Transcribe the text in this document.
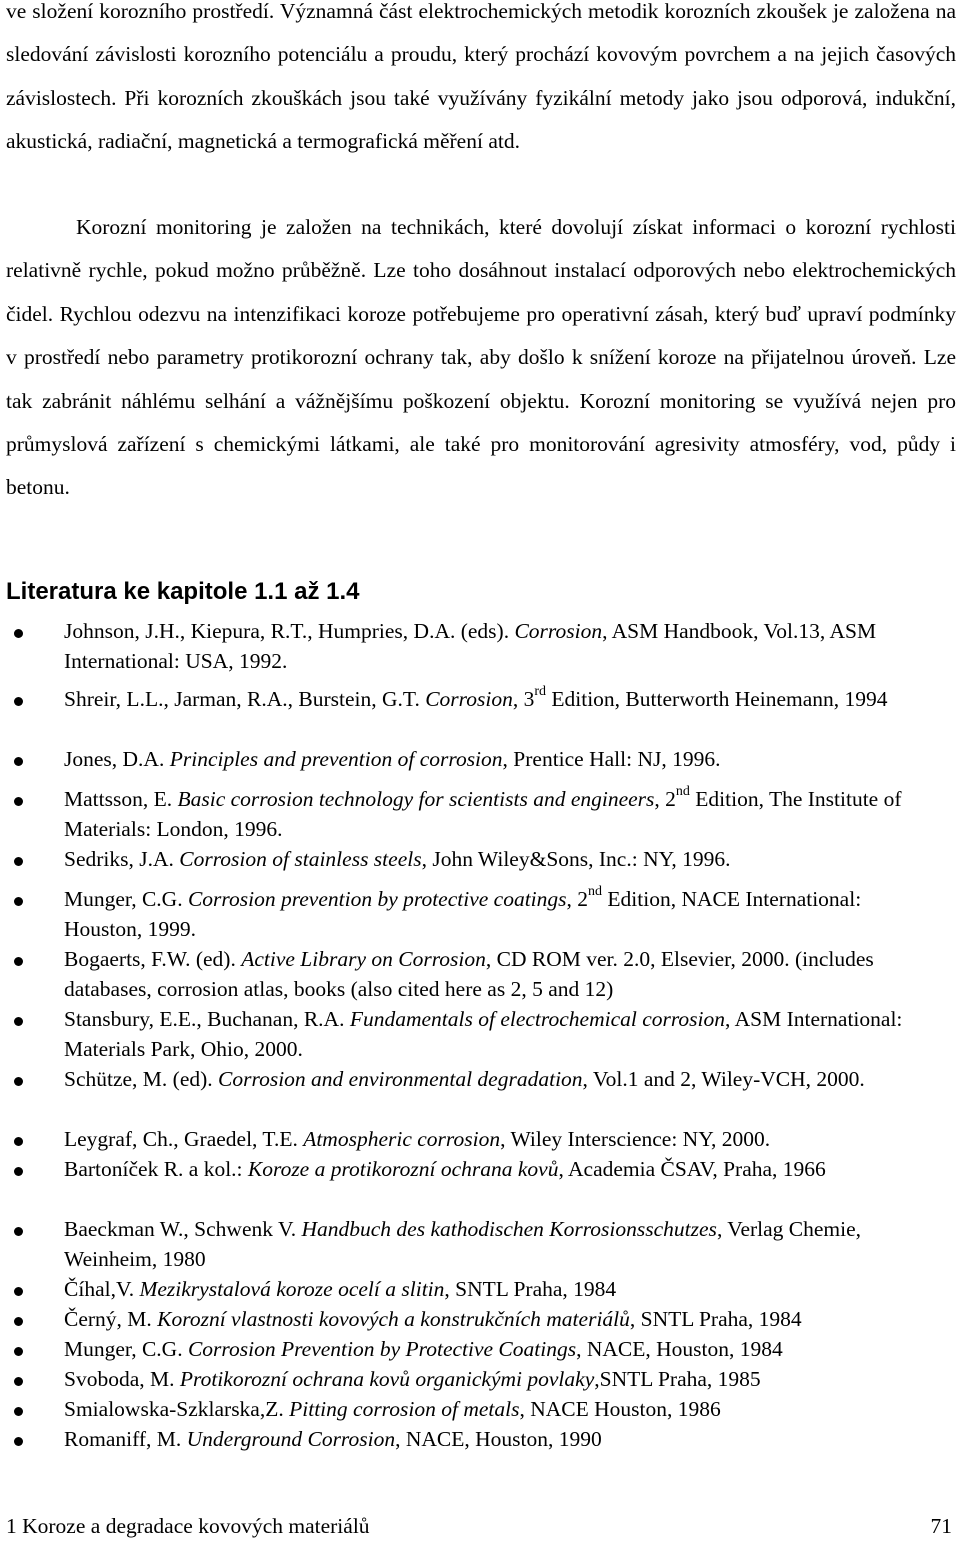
ve složení korozního prostředí. Významná část elektrochemických metodik korozních zkoušek je založena na sledování závislosti korozního potenciálu a proudu, který prochází kovovým povrchem a na jejich časových závislostech. Při korozních zkouškách jsou také využívány fyzikální metody jako jsou odporová, indukční, akustická, radiační, magnetická a termografická měření atd.

Korozní monitoring je založen na technikách, které dovolují získat informaci o korozní rychlosti relativně rychle, pokud možno průběžně. Lze toho dosáhnout instalací odporových nebo elektrochemických čidel. Rychlou odezvu na intenzifikaci koroze potřebujeme pro operativní zásah, který buď upraví podmínky v prostředí nebo parametry protikorozní ochrany tak, aby došlo k snížení koroze na přijatelnou úroveň. Lze tak zabránit náhlému selhání a vážnějšímu poškození objektu. Korozní monitoring se využívá nejen pro průmyslová zařízení s chemickými látkami, ale také pro monitorování agresivity atmosféry, vod, půdy i betonu.

Literatura ke kapitole 1.1 až 1.4
Johnson, J.H., Kiepura, R.T., Humpries, D.A. (eds). Corrosion, ASM Handbook, Vol.13, ASM International: USA, 1992.
Shreir, L.L., Jarman, R.A., Burstein, G.T. Corrosion, 3rd Edition, Butterworth Heinemann, 1994
Jones, D.A. Principles and prevention of corrosion, Prentice Hall: NJ, 1996.
Mattsson, E. Basic corrosion technology for scientists and engineers, 2nd Edition, The Institute of Materials: London, 1996.
Sedriks, J.A. Corrosion of stainless steels, John Wiley&Sons, Inc.: NY, 1996.
Munger, C.G. Corrosion prevention by protective coatings, 2nd Edition, NACE International: Houston, 1999.
Bogaerts, F.W. (ed). Active Library on Corrosion, CD ROM ver. 2.0, Elsevier, 2000. (includes databases, corrosion atlas, books (also cited here as 2, 5 and 12)
Stansbury, E.E., Buchanan, R.A. Fundamentals of electrochemical corrosion, ASM International: Materials Park, Ohio, 2000.
Schütze, M. (ed). Corrosion and environmental degradation, Vol.1 and 2, Wiley-VCH, 2000.
Leygraf, Ch., Graedel, T.E. Atmospheric corrosion, Wiley Interscience: NY, 2000.
Bartoníček R. a kol.: Koroze a protikorozní ochrana kovů, Academia ČSAV, Praha, 1966
Baeckman W., Schwenk V. Handbuch des kathodischen Korrosionsschutzes, Verlag Chemie, Weinheim, 1980
Číhal,V. Mezikrystalová koroze ocelí a slitin, SNTL Praha, 1984
Černý, M. Korozní vlastnosti kovových a konstrukčních materiálů, SNTL Praha, 1984
Munger, C.G. Corrosion Prevention by Protective Coatings, NACE, Houston, 1984
Svoboda, M. Protikorozní ochrana kovů organickými povlaky,SNTL Praha, 1985
Smialowska-Szklarska,Z. Pitting corrosion of metals, NACE Houston, 1986
Romaniff, M. Underground Corrosion, NACE, Houston, 1990
1 Koroze a degradace kovových materiálů	71
